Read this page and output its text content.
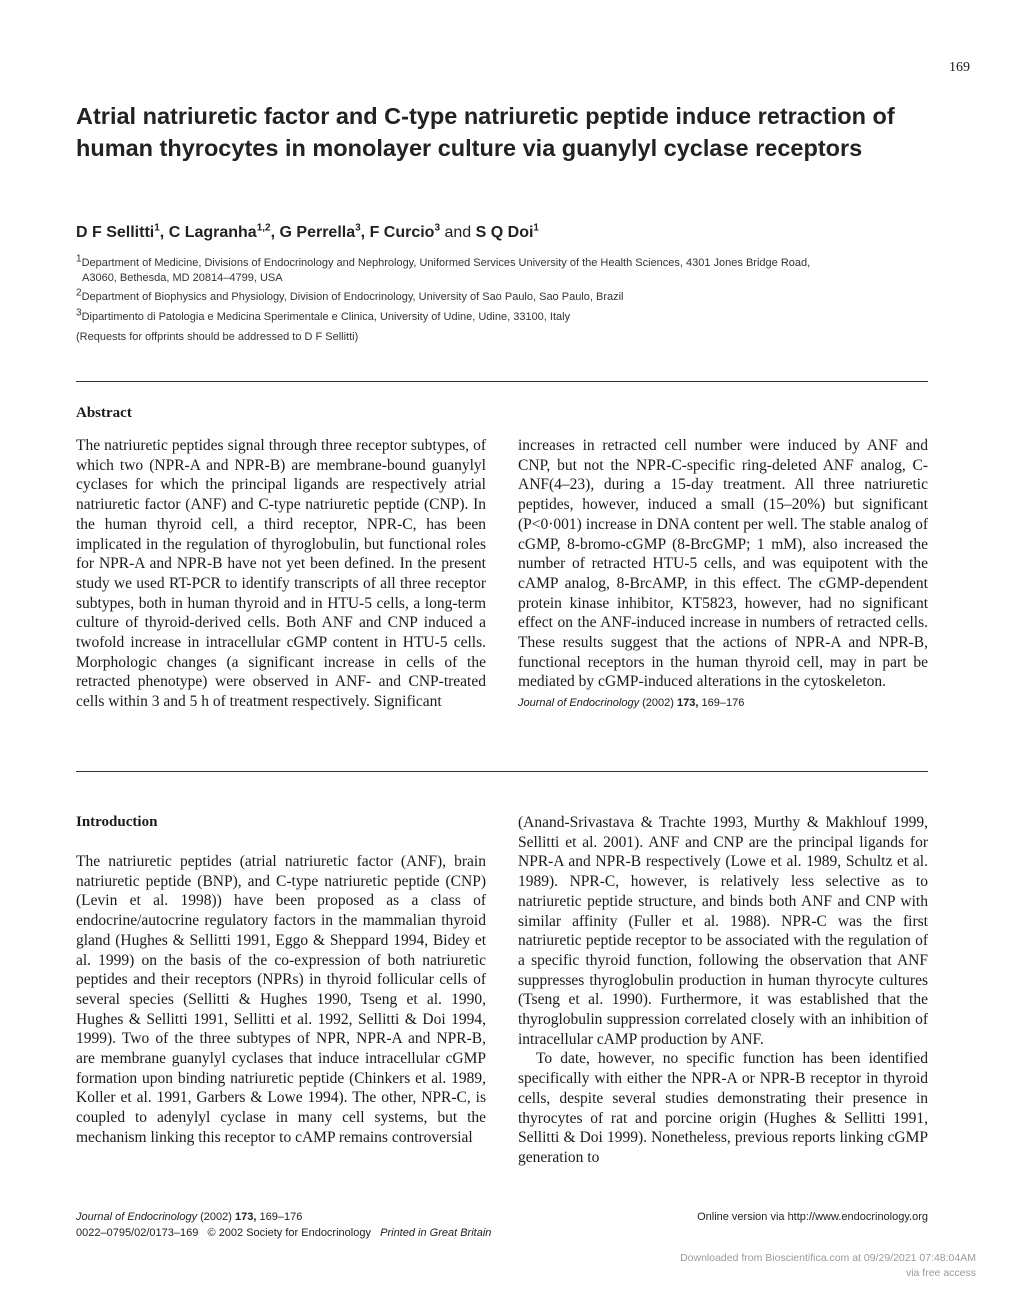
169
Atrial natriuretic factor and C-type natriuretic peptide induce retraction of human thyrocytes in monolayer culture via guanylyl cyclase receptors
D F Sellitti$^1$, C Lagranha$^{1,2}$, G Perrella$^3$, F Curcio$^3$ and S Q Doi$^1$
$^1$Department of Medicine, Divisions of Endocrinology and Nephrology, Uniformed Services University of the Health Sciences, 4301 Jones Bridge Road,
A3060, Bethesda, MD 20814–4799, USA
$^2$Department of Biophysics and Physiology, Division of Endocrinology, University of Sao Paulo, Sao Paulo, Brazil
$^3$Dipartimento di Patologia e Medicina Sperimentale e Clinica, University of Udine, Udine, 33100, Italy
(Requests for offprints should be addressed to D F Sellitti)
Abstract

The natriuretic peptides signal through three receptor subtypes, of which two (NPR-A and NPR-B) are membrane-bound guanylyl cyclases for which the principal ligands are respectively atrial natriuretic factor (ANF) and C-type natriuretic peptide (CNP). In the human thyroid cell, a third receptor, NPR-C, has been implicated in the regulation of thyroglobulin, but functional roles for NPR-A and NPR-B have not yet been defined. In the present study we used RT-PCR to identify transcripts of all three receptor subtypes, both in human thyroid and in HTU-5 cells, a long-term culture of thyroid-derived cells. Both ANF and CNP induced a twofold increase in intracellular cGMP content in HTU-5 cells. Morphologic changes (a significant increase in cells of the retracted phenotype) were observed in ANF- and CNP-treated cells within 3 and 5 h of treatment respectively. Significant

increases in retracted cell number were induced by ANF and CNP, but not the NPR-C-specific ring-deleted ANF analog, C-ANF(4–23), during a 15-day treatment. All three natriuretic peptides, however, induced a small (15–20%) but significant (P<0·001) increase in DNA content per well. The stable analog of cGMP, 8-bromo-cGMP (8-BrcGMP; 1 mM), also increased the number of retracted HTU-5 cells, and was equipotent with the cAMP analog, 8-BrcAMP, in this effect. The cGMP-dependent protein kinase inhibitor, KT5823, however, had no significant effect on the ANF-induced increase in numbers of retracted cells. These results suggest that the actions of NPR-A and NPR-B, functional receptors in the human thyroid cell, may in part be mediated by cGMP-induced alterations in the cytoskeleton.

Journal of Endocrinology (2002) 173, 169–176
Introduction

The natriuretic peptides (atrial natriuretic factor (ANF), brain natriuretic peptide (BNP), and C-type natriuretic peptide (CNP) (Levin et al. 1998)) have been proposed as a class of endocrine/autocrine regulatory factors in the mammalian thyroid gland (Hughes & Sellitti 1991, Eggo & Sheppard 1994, Bidey et al. 1999) on the basis of the co-expression of both natriuretic peptides and their receptors (NPRs) in thyroid follicular cells of several species (Sellitti & Hughes 1990, Tseng et al. 1990, Hughes & Sellitti 1991, Sellitti et al. 1992, Sellitti & Doi 1994, 1999). Two of the three subtypes of NPR, NPR-A and NPR-B, are membrane guanylyl cyclases that induce intracellular cGMP formation upon binding natriuretic peptide (Chinkers et al. 1989, Koller et al. 1991, Garbers & Lowe 1994). The other, NPR-C, is coupled to adenylyl cyclase in many cell systems, but the mechanism linking this receptor to cAMP remains controversial

(Anand-Srivastava & Trachte 1993, Murthy & Makhlouf 1999, Sellitti et al. 2001). ANF and CNP are the principal ligands for NPR-A and NPR-B respectively (Lowe et al. 1989, Schultz et al. 1989). NPR-C, however, is relatively less selective as to natriuretic peptide structure, and binds both ANF and CNP with similar affinity (Fuller et al. 1988). NPR-C was the first natriuretic peptide receptor to be associated with the regulation of a specific thyroid function, following the observation that ANF suppresses thyroglobulin production in human thyrocyte cultures (Tseng et al. 1990). Furthermore, it was established that the thyroglobulin suppression correlated closely with an inhibition of intracellular cAMP production by ANF.

To date, however, no specific function has been identified specifically with either the NPR-A or NPR-B receptor in thyroid cells, despite several studies demonstrating their presence in thyrocytes of rat and porcine origin (Hughes & Sellitti 1991, Sellitti & Doi 1999). Nonetheless, previous reports linking cGMP generation to

Journal of Endocrinology (2002) 173, 169–176
0022–0795/02/0173–169 © 2002 Society for Endocrinology Printed in Great Britain
Online version via http://www.endocrinology.org
Downloaded from Bioscientifica.com at 09/29/2021 07:48:04AM
via free access
